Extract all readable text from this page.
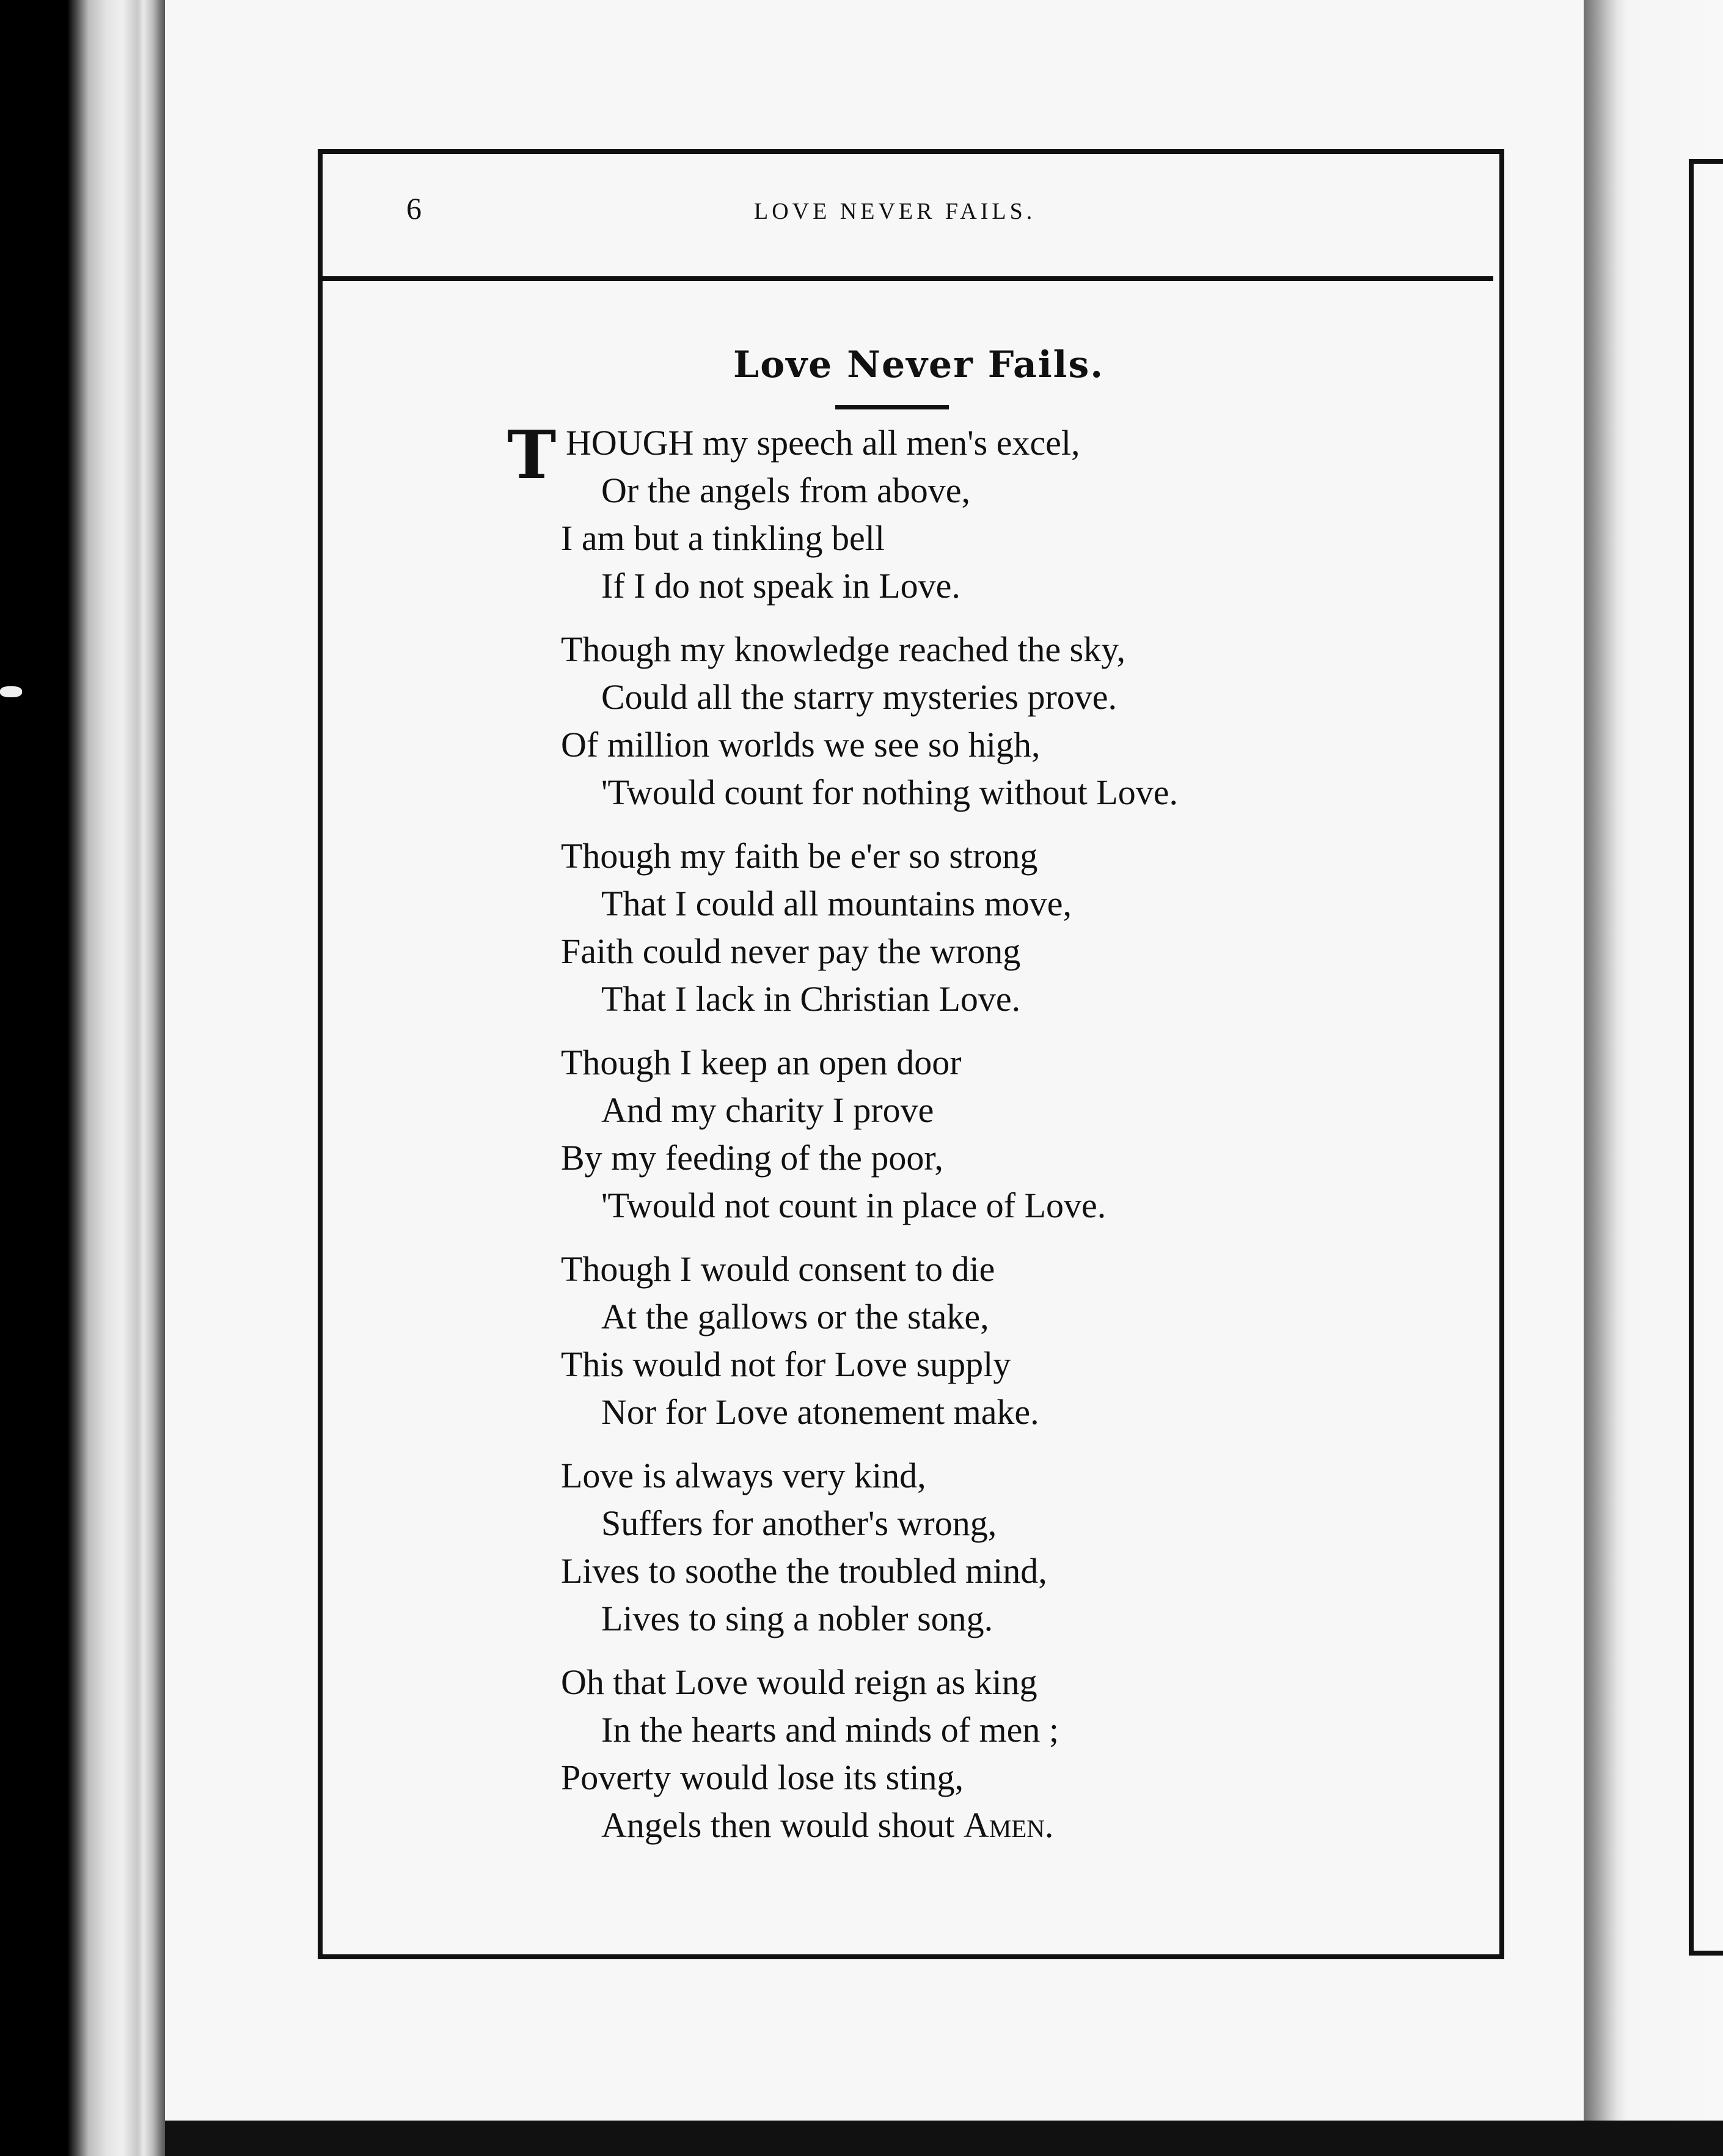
6	LOVE NEVER FAILS.
Love Never Fails.
T HOUGH my speech all men's excel,
Or the angels from above,
I am but a tinkling bell
If I do not speak in Love.
Though my knowledge reached the sky,
Could all the starry mysteries prove.
Of million worlds we see so high,
'Twould count for nothing without Love.
Though my faith be e'er so strong
That I could all mountains move,
Faith could never pay the wrong
That I lack in Christian Love.
Though I keep an open door
And my charity I prove
By my feeding of the poor,
'Twould not count in place of Love.
Though I would consent to die
At the gallows or the stake,
This would not for Love supply
Nor for Love atonement make.
Love is always very kind,
Suffers for another's wrong,
Lives to soothe the troubled mind,
Lives to sing a nobler song.
Oh that Love would reign as king
In the hearts and minds of men ;
Poverty would lose its sting,
Angels then would shout Amen.
